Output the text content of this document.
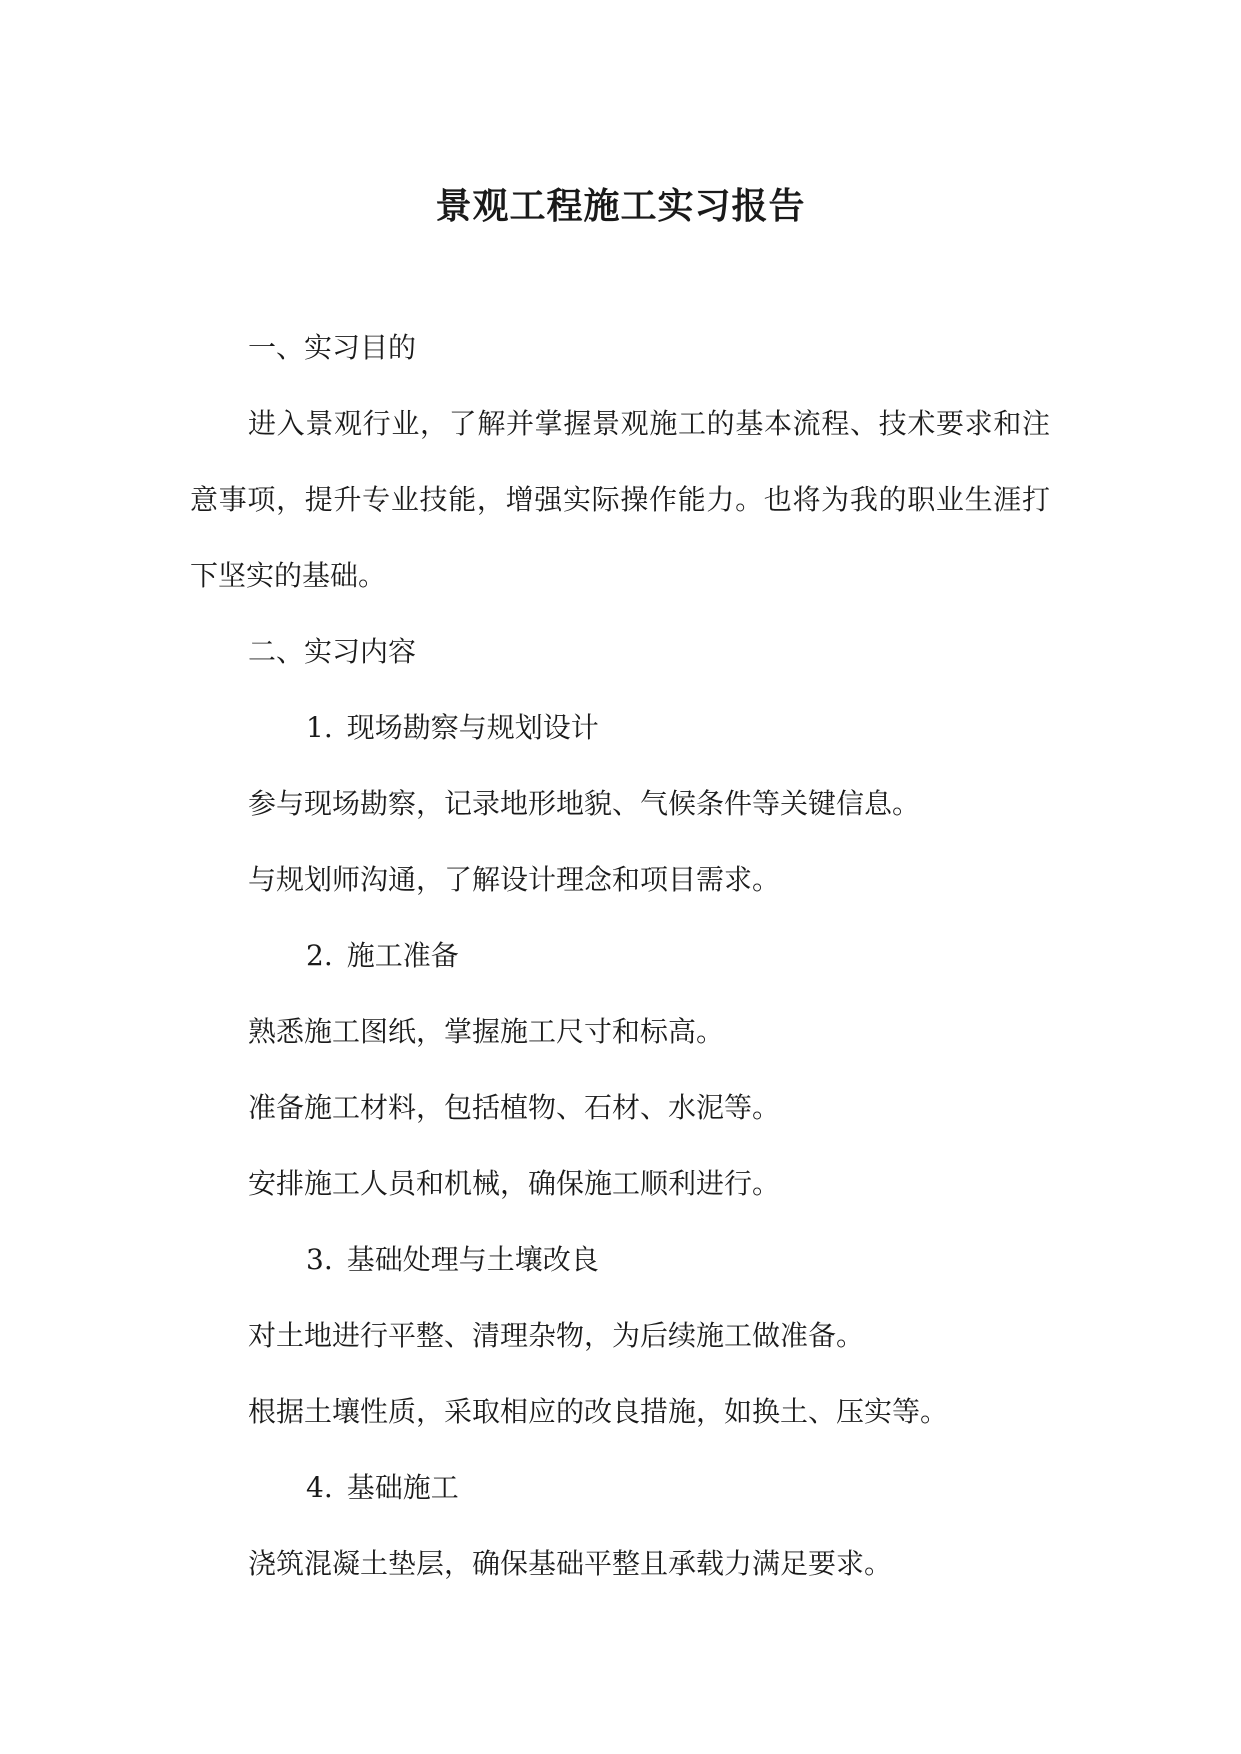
景观工程施工实习报告

一、实习目的

进入景观行业，了解并掌握景观施工的基本流程、技术要求和注意事项，提升专业技能，增强实际操作能力。也将为我的职业生涯打下坚实的基础。

二、实习内容

1. 现场勘察与规划设计

参与现场勘察，记录地形地貌、气候条件等关键信息。

与规划师沟通，了解设计理念和项目需求。

2. 施工准备

熟悉施工图纸，掌握施工尺寸和标高。

准备施工材料，包括植物、石材、水泥等。

安排施工人员和机械，确保施工顺利进行。

3. 基础处理与土壤改良

对土地进行平整、清理杂物，为后续施工做准备。

根据土壤性质，采取相应的改良措施，如换土、压实等。

4. 基础施工

浇筑混凝土垫层，确保基础平整且承载力满足要求。
